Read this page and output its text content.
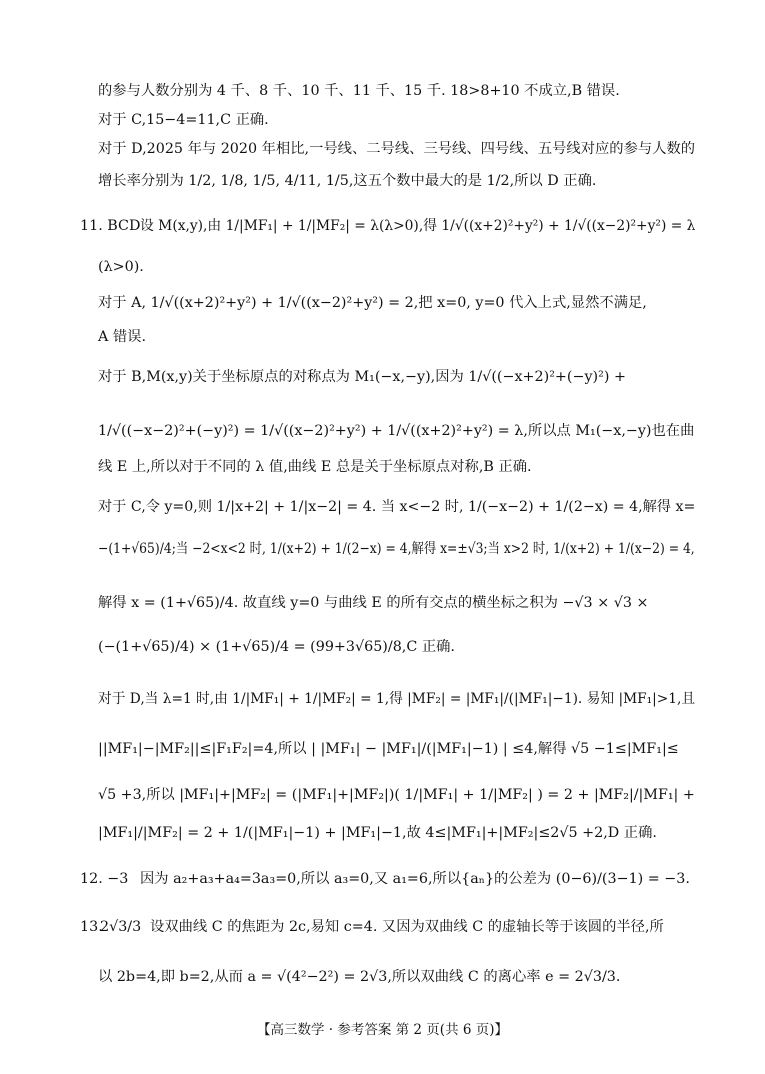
的参与人数分别为 4 千、8 千、10 千、11 千、15 千. 18>8+10 不成立,B 错误.
对于 C,15−4=11,C 正确.
对于 D,2025 年与 2020 年相比,一号线、二号线、三号线、四号线、五号线对应的参与人数的
增长率分别为 1/2, 1/8, 1/5, 4/11, 1/5,这五个数中最大的是 1/2,所以 D 正确.
11. BCD 设 M(x,y),由 1/|MF₁| + 1/|MF₂| = λ(λ>0),得 1/√((x+2)²+y²) + 1/√((x−2)²+y²) = λ
(λ>0).
对于 A, 1/√((x+2)²+y²) + 1/√((x−2)²+y²) = 2,把 x=0, y=0 代入上式,显然不满足,
A 错误.
对于 B,M(x,y)关于坐标原点的对称点为 M₁(−x,−y),因为 1/√((−x+2)²+(−y)²) +
1/√((−x−2)²+(−y)²) = 1/√((x−2)²+y²) + 1/√((x+2)²+y²) = λ,所以点 M₁(−x,−y)也在曲
线 E 上,所以对于不同的 λ 值,曲线 E 总是关于坐标原点对称,B 正确.
对于 C,令 y=0,则 1/|x+2| + 1/|x−2| = 4. 当 x<−2 时, 1/(−x−2) + 1/(2−x) = 4,解得 x=
−(1+√65)/4;当 −2<x<2 时, 1/(x+2) + 1/(2−x) = 4,解得 x=±√3;当 x>2 时, 1/(x+2) + 1/(x−2) = 4,
解得 x = (1+√65)/4. 故直线 y=0 与曲线 E 的所有交点的横坐标之积为 −√3 × √3 ×
(−(1+√65)/4) × (1+√65)/4 = (99+3√65)/8,C 正确.
对于 D,当 λ=1 时,由 1/|MF₁| + 1/|MF₂| = 1,得 |MF₂| = |MF₁|/(|MF₁|−1). 易知 |MF₁|>1,且
||MF₁|−|MF₂||≤|F₁F₂|=4,所以 | |MF₁| − |MF₁|/(|MF₁|−1) | ≤4,解得 √5 −1≤|MF₁|≤
√5 +3,所以 |MF₁|+|MF₂| = (|MF₁|+|MF₂|)( 1/|MF₁| + 1/|MF₂| ) = 2 + |MF₂|/|MF₁| +
|MF₁|/|MF₂| = 2 + 1/(|MF₁|−1) + |MF₁|−1,故 4≤|MF₁|+|MF₂|≤2√5 +2,D 正确.
12. −3 因为 a₂+a₃+a₄=3a₃=0,所以 a₃=0,又 a₁=6,所以{aₙ}的公差为 (0−6)/(3−1) = −3.
13.
2√3/3 设双曲线 C 的焦距为 2c,易知 c=4. 又因为双曲线 C 的虚轴长等于该圆的半径,所
以 2b=4,即 b=2,从而 a = √(4²−2²) = 2√3,所以双曲线 C 的离心率 e = 2√3/3.
【高三数学 · 参考答案 第 2 页(共 6 页)】
